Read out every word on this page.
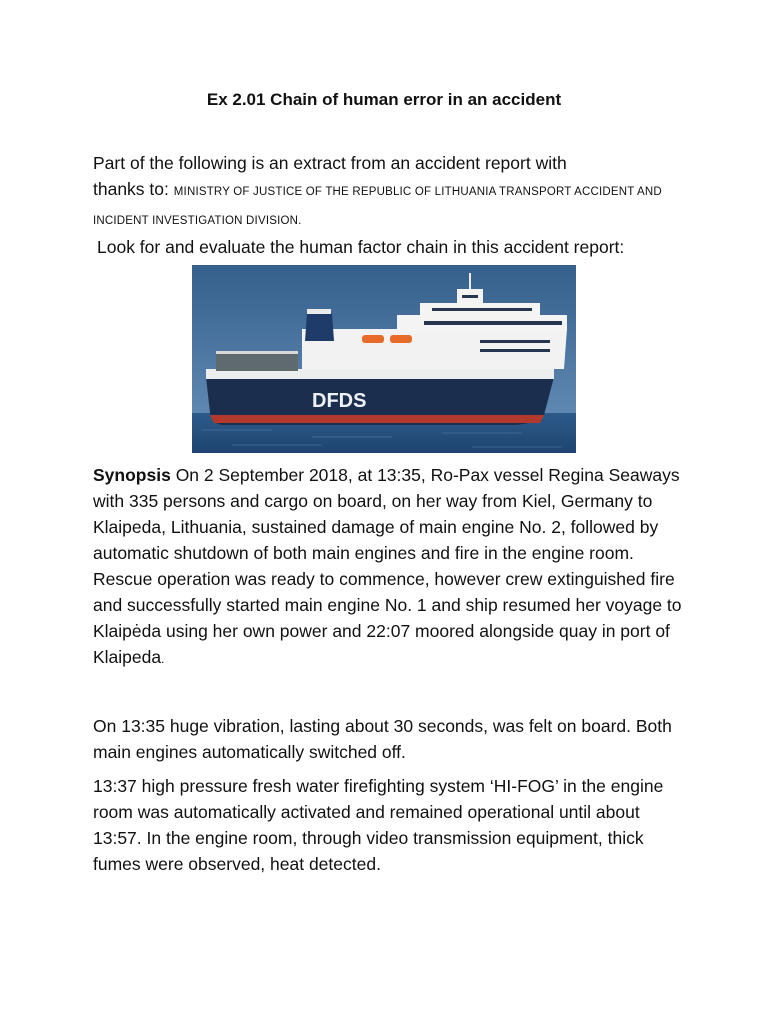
Ex 2.01 Chain of human error in an accident
Part of the following is an extract from an accident report with
thanks to: MINISTRY OF JUSTICE OF THE REPUBLIC OF LITHUANIA TRANSPORT ACCIDENT AND INCIDENT INVESTIGATION DIVISION.
Look for and evaluate the human factor chain in this accident report:
DFDS
Synopsis On 2 September 2018, at 13:35, Ro-Pax vessel Regina Seaways with 335 persons and cargo on board, on her way from Kiel, Germany to Klaipeda, Lithuania, sustained damage of main engine No. 2, followed by automatic shutdown of both main engines and fire in the engine room. Rescue operation was ready to commence, however crew extinguished fire and successfully started main engine No. 1 and ship resumed her voyage to Klaipėda using her own power and 22:07 moored alongside quay in port of Klaipeda.
On 13:35 huge vibration, lasting about 30 seconds, was felt on board. Both main engines automatically switched off.
13:37 high pressure fresh water firefighting system ‘HI-FOG’ in the engine room was automatically activated and remained operational until about 13:57. In the engine room, through video transmission equipment, thick fumes were observed, heat detected.
